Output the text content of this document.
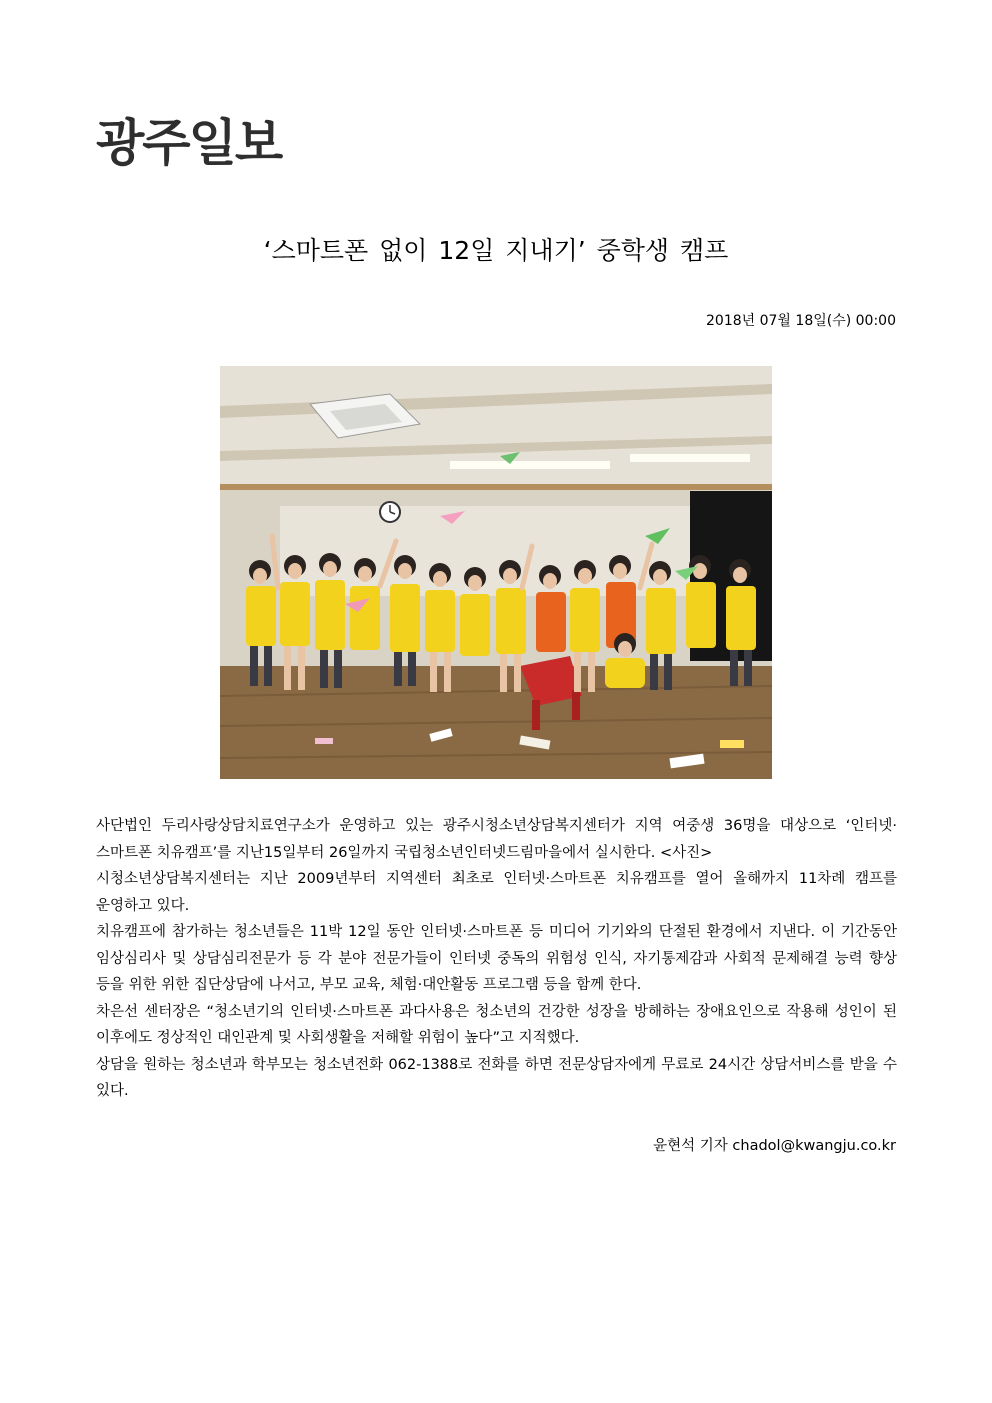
광주일보
‘스마트폰 없이 12일 지내기’ 중학생 캠프
2018년 07월 18일(수) 00:00

사단법인 두리사랑상담치료연구소가 운영하고 있는 광주시청소년상담복지센터가 지역 여중생 36명을 대상으로 ‘인터넷·스마트폰 치유캠프’를 지난15일부터 26일까지 국립청소년인터넷드림마을에서 실시한다. <사진>

시청소년상담복지센터는 지난 2009년부터 지역센터 최초로 인터넷·스마트폰 치유캠프를 열어 올해까지 11차례 캠프를 운영하고 있다.

치유캠프에 참가하는 청소년들은 11박 12일 동안 인터넷·스마트폰 등 미디어 기기와의 단절된 환경에서 지낸다. 이 기간동안 임상심리사 및 상담심리전문가 등 각 분야 전문가들이 인터넷 중독의 위험성 인식, 자기통제감과 사회적 문제해결 능력 향상 등을 위한 위한 집단상담에 나서고, 부모 교육, 체험·대안활동 프로그램 등을 함께 한다.

차은선 센터장은 “청소년기의 인터넷·스마트폰 과다사용은 청소년의 건강한 성장을 방해하는 장애요인으로 작용해 성인이 된 이후에도 정상적인 대인관계 및 사회생활을 저해할 위험이 높다”고 지적했다.

상담을 원하는 청소년과 학부모는 청소년전화 062-1388로 전화를 하면 전문상담자에게 무료로 24시간 상담서비스를 받을 수 있다.

윤현석 기자 chadol@kwangju.co.kr
